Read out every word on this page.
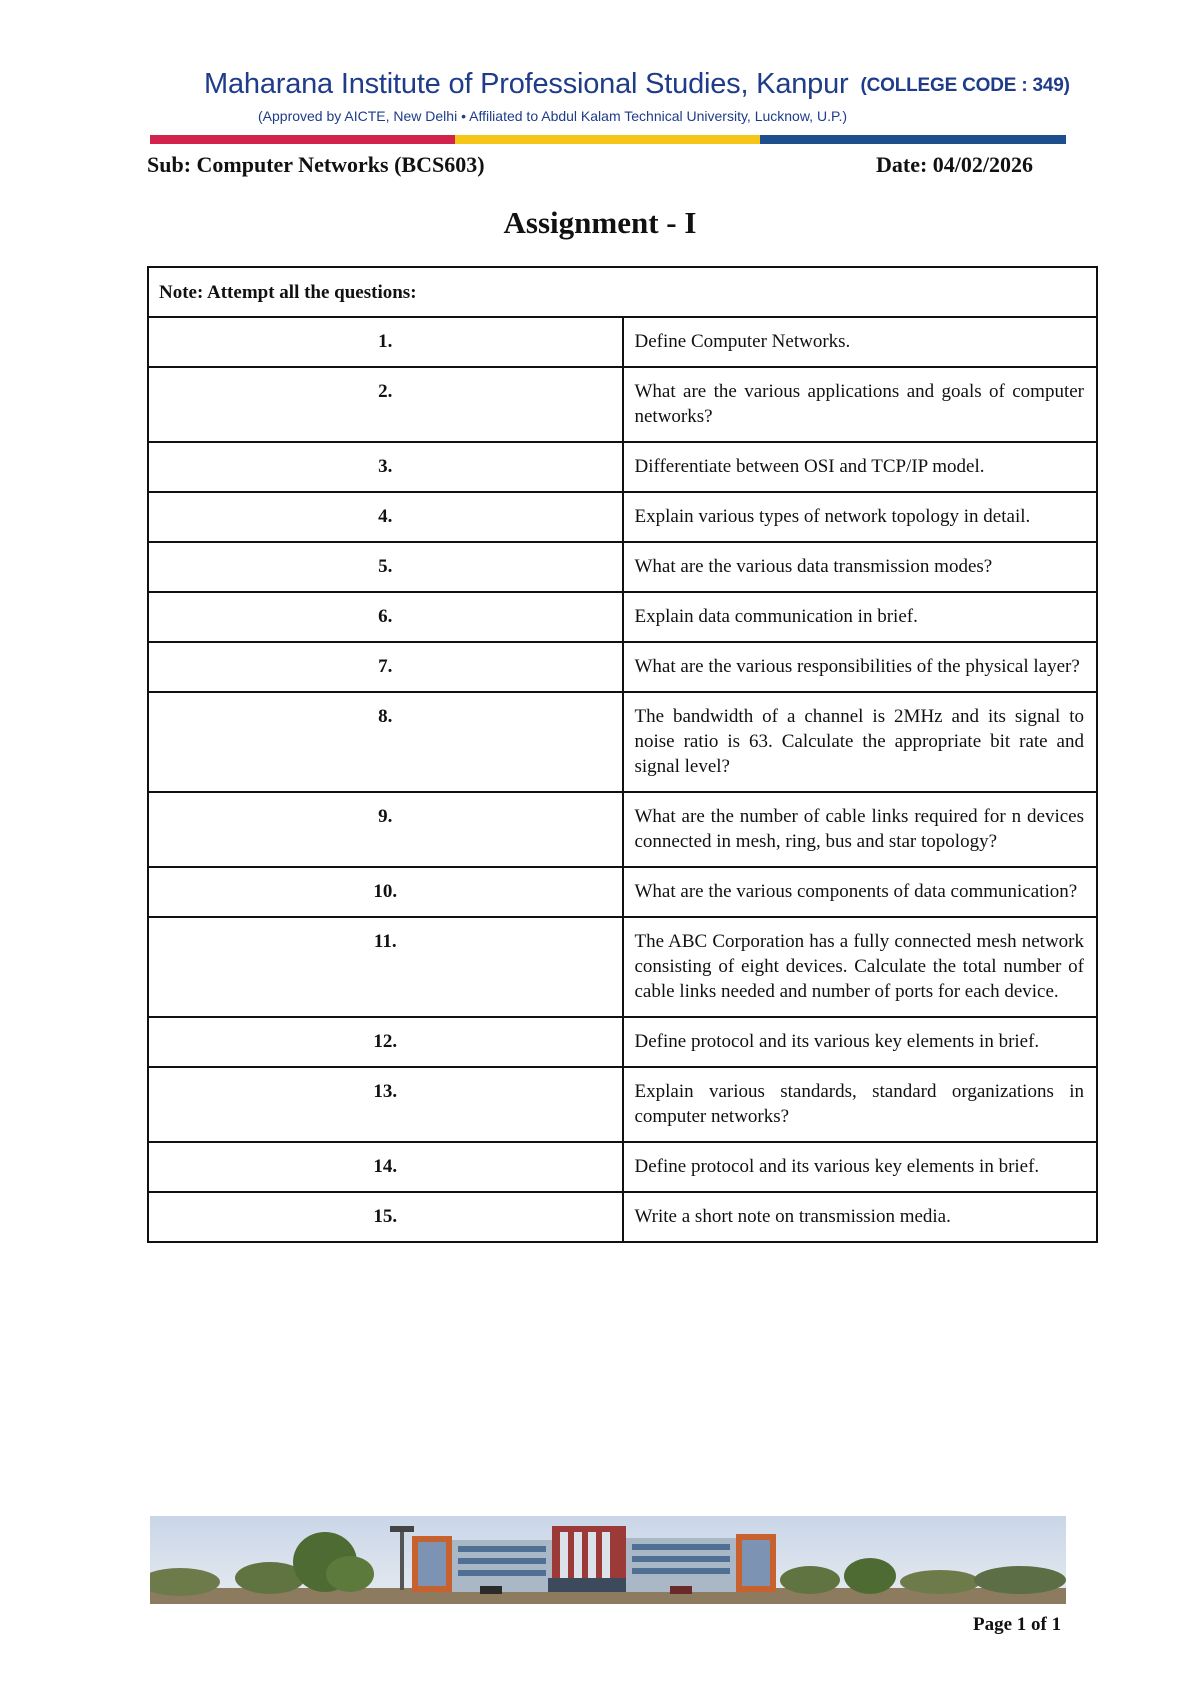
Maharana Institute of Professional Studies, Kanpur (COLLEGE CODE : 349)
(Approved by AICTE, New Delhi • Affiliated to Abdul Kalam Technical University, Lucknow, U.P.)
Sub: Computer Networks (BCS603)	Date: 04/02/2026
Assignment - I
Note: Attempt all the questions:	
1.	Define Computer Networks.
2.	What are the various applications and goals of computer networks?
3.	Differentiate between OSI and TCP/IP model.
4.	Explain various types of network topology in detail.
5.	What are the various data transmission modes?
6.	Explain data communication in brief.
7.	What are the various responsibilities of the physical layer?
8.	The bandwidth of a channel is 2MHz and its signal to noise ratio is 63. Calculate the appropriate bit rate and signal level?
9.	What are the number of cable links required for n devices connected in mesh, ring, bus and star topology?
10.	What are the various components of data communication?
11.	The ABC Corporation has a fully connected mesh network consisting of eight devices. Calculate the total number of cable links needed and number of ports for each device.
12.	Define protocol and its various key elements in brief.
13.	Explain various standards, standard organizations in computer networks?
14.	Define protocol and its various key elements in brief.
15.	Write a short note on transmission media.
Page 1 of 1
